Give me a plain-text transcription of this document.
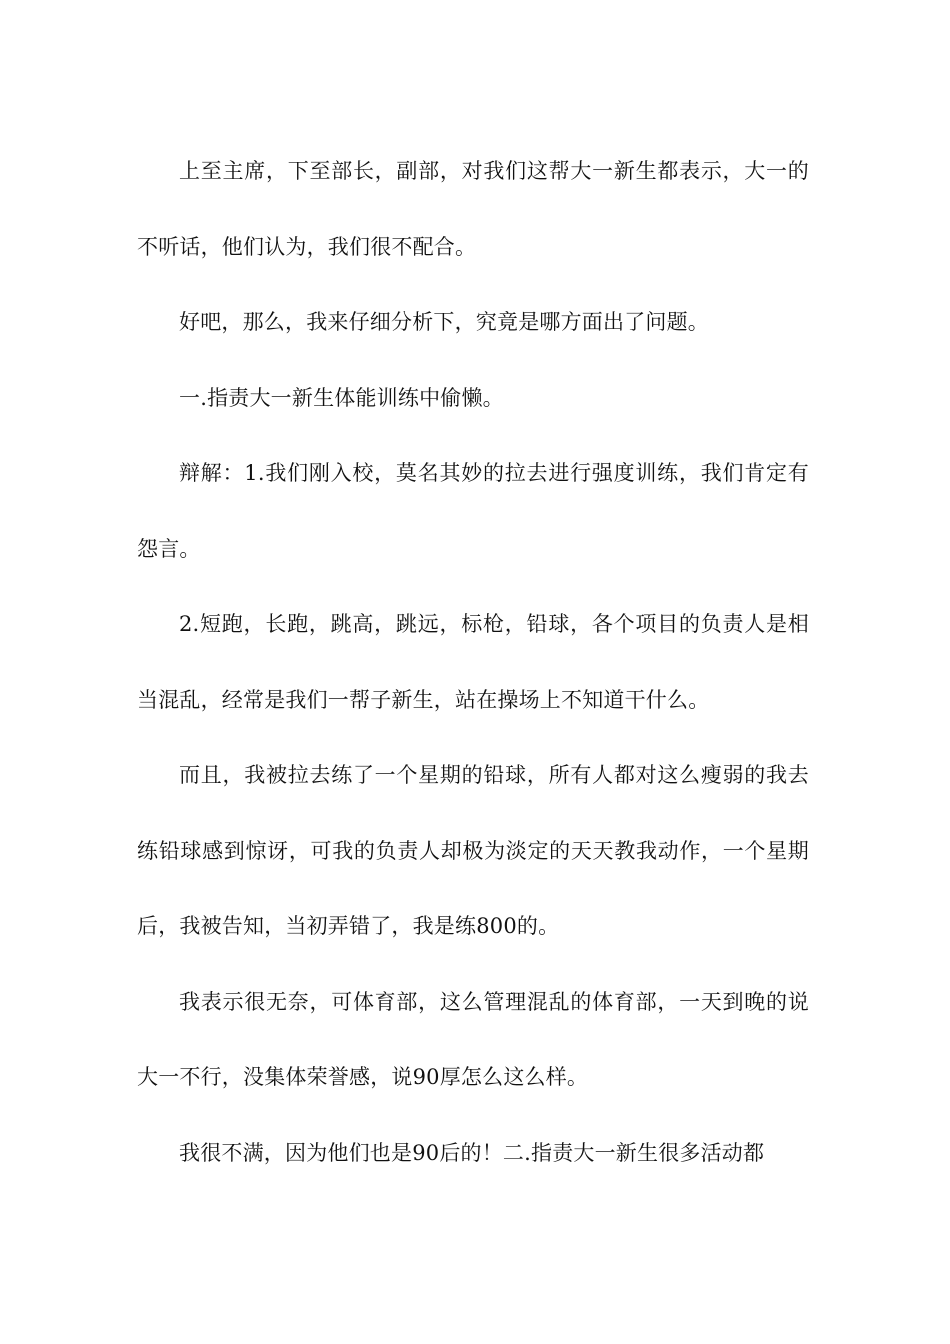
上至主席，下至部长，副部，对我们这帮大一新生都表示，大一的不听话，他们认为，我们很不配合。

好吧，那么，我来仔细分析下，究竟是哪方面出了问题。

一.指责大一新生体能训练中偷懒。

辩解：1.我们刚入校，莫名其妙的拉去进行强度训练，我们肯定有怨言。

2.短跑，长跑，跳高，跳远，标枪，铅球，各个项目的负责人是相当混乱，经常是我们一帮子新生，站在操场上不知道干什么。

而且，我被拉去练了一个星期的铅球，所有人都对这么瘦弱的我去练铅球感到惊讶，可我的负责人却极为淡定的天天教我动作，一个星期后，我被告知，当初弄错了，我是练800的。

我表示很无奈，可体育部，这么管理混乱的体育部，一天到晚的说大一不行，没集体荣誉感，说90厚怎么这么样。

我很不满，因为他们也是90后的！二.指责大一新生很多活动都
